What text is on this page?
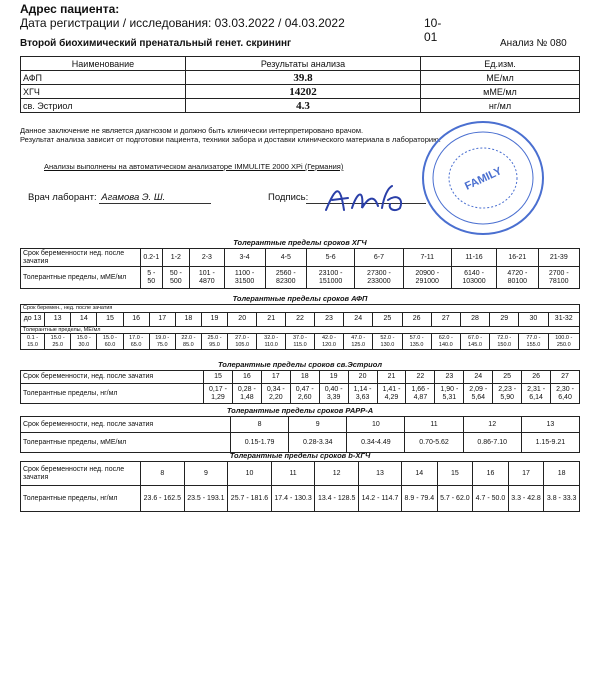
Адрес пациента:
Дата регистрации / исследования: 03.03.2022 / 04.03.2022	10-01
Второй биохимический пренатальный генет. скрининг	Анализ № 080
Наименование	Результаты анализа	Ед.изм.
АФП	39.8	МЕ/мл
ХГЧ	14202	мМЕ/мл
св. Эстриол	4.3	нг/мл
Данное заключение не является диагнозом и должно быть клинически интерпретировано врачом.
Результат анализа зависит от подготовки пациента, техники забора и доставки клинического материала в лабораторию.
Анализы выполнены на автоматическом анализаторе IMMULITE 2000 XPi (Германия)
Врач лаборант: Агамова Э. Ш.	Подпись:
FAMILY
Толерантные пределы сроков ХГЧ
Срок беременности нед. после зачатия	0.2-1	1-2	2-3	3-4	4-5	5-6	6-7	7-11	11-16	16-21	21-39
Толерантные пределы, мМЕ/мл	5 - 50	50 - 500	101 - 4870	1100 - 31500	2560 - 82300	23100 - 151000	27300 - 233000	20900 - 291000	6140 - 103000	4720 - 80100	2700 - 78100
Толерантные пределы сроков АФП
Срок беремен., нед. после зачатия																			
до 13	13	14	15	16	17	18	19	20	21	22	23	24	25	26	27	28	29	30	31-32
Толерантные пределы, МЕ/мл																			
0.1 - 15.0	15.0 - 25.0	15.0 - 30.0	15.0 - 60.0	17.0 - 65.0	19.0 - 75.0	22.0 - 85.0	25.0 - 95.0	27.0 - 105.0	32.0 - 110.0	37.0 - 115.0	42.0 - 120.0	47.0 - 125.0	52.0 - 130.0	57.0 - 135.0	62.0 - 140.0	67.0 - 145.0	72.0 - 150.0	77.0 - 155.0	100.0 - 250.0
Толерантные пределы сроков св.Эстриол
Срок беременности, нед. после зачатия	15	16	17	18	19	20	21	22	23	24	25	26	27
Толерантные пределы, нг/мл	0,17 - 1,29	0,28 - 1,48	0,34 - 2,20	0,47 - 2,60	0,40 - 3,39	1,14 - 3,63	1,41 - 4,29	1,66 - 4,87	1,90 - 5,31	2,09 - 5,64	2,23 - 5,90	2,31 - 6,14	2,30 - 6,40
Толерантные пределы сроков PAPP-A
Срок беременности, нед. после зачатия	8	9	10	11	12	13
Толерантные пределы, мМЕ/мл	0.15-1.79	0.28-3.34	0.34-4.49	0.70-5.62	0.86-7.10	1.15-9.21
Толерантные пределы сроков b-ХГЧ
Срок беременности нед. после зачатия	8	9	10	11	12	13	14	15	16	17	18
Толерантные пределы, нг/мл	23.6 - 162.5	23.5 - 193.1	25.7 - 181.6	17.4 - 130.3	13.4 - 128.5	14.2 - 114.7	8.9 - 79.4	5.7 - 62.0	4.7 - 50.0	3.3 - 42.8	3.8 - 33.3
